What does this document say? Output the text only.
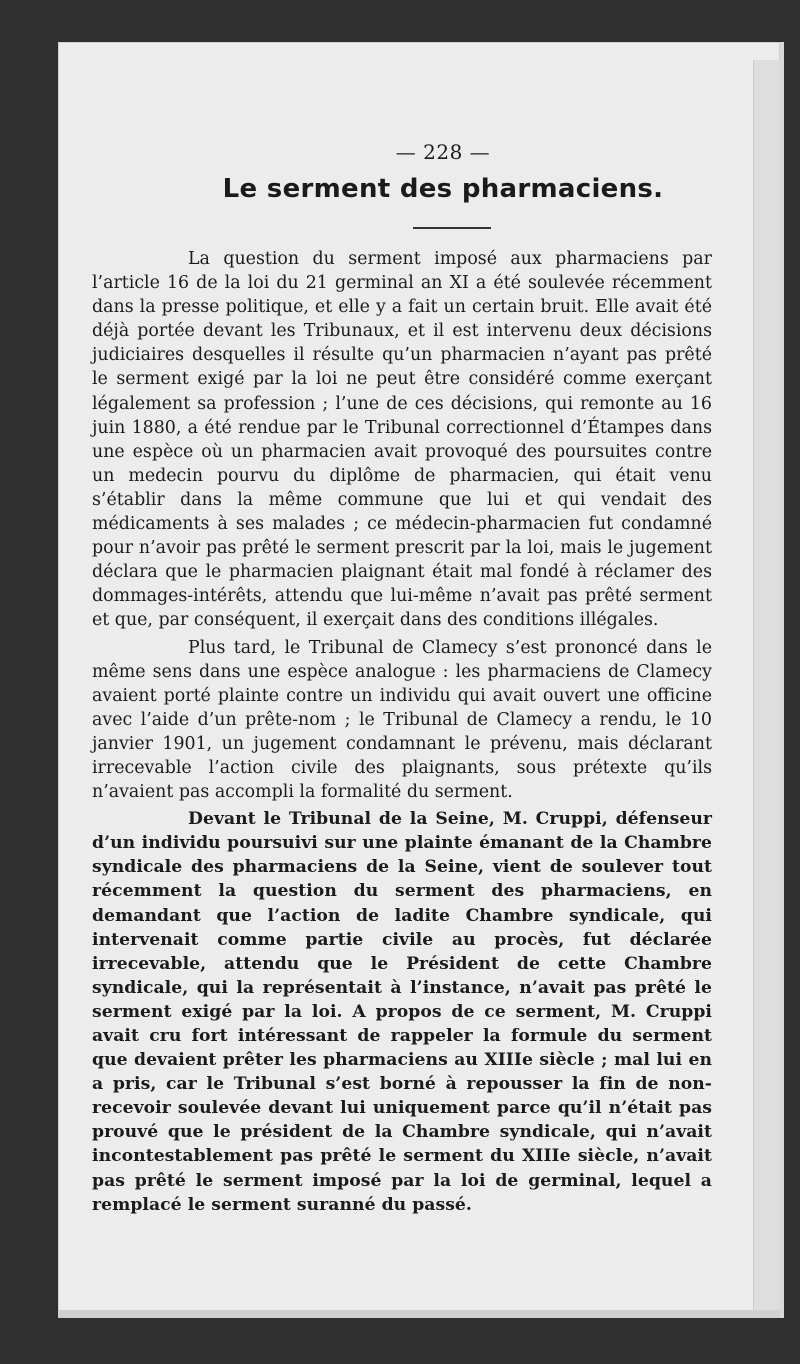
— 228 —
Le serment des pharmaciens.

La question du serment imposé aux pharmaciens par l’article 16 de la loi du 21 germinal an XI a été soulevée récemment dans la presse politique, et elle y a fait un certain bruit. Elle avait été déjà portée devant les Tribunaux, et il est intervenu deux décisions judiciaires desquelles il résulte qu’un pharmacien n’ayant pas prêté le serment exigé par la loi ne peut être considéré comme exerçant légalement sa profession ; l’une de ces décisions, qui remonte au 16 juin 1880, a été rendue par le Tribunal correctionnel d’Étampes dans une espèce où un pharmacien avait provoqué des poursuites contre un medecin pourvu du diplôme de pharmacien, qui était venu s’établir dans la même commune que lui et qui vendait des médicaments à ses malades ; ce médecin-pharmacien fut condamné pour n’avoir pas prêté le serment prescrit par la loi, mais le jugement déclara que le pharmacien plaignant était mal fondé à réclamer des dommages-intérêts, attendu que lui-même n’avait pas prêté serment et que, par conséquent, il exerçait dans des conditions illégales.

Plus tard, le Tribunal de Clamecy s’est prononcé dans le même sens dans une espèce analogue : les pharmaciens de Clamecy avaient porté plainte contre un individu qui avait ouvert une officine avec l’aide d’un prête-nom ; le Tribunal de Clamecy a rendu, le 10 janvier 1901, un jugement condamnant le prévenu, mais déclarant irrecevable l’action civile des plaignants, sous prétexte qu’ils n’avaient pas accompli la formalité du serment.

Devant le Tribunal de la Seine, M. Cruppi, défenseur d’un individu poursuivi sur une plainte émanant de la Chambre syndicale des pharmaciens de la Seine, vient de soulever tout récemment la question du serment des pharmaciens, en demandant que l’action de ladite Chambre syndicale, qui intervenait comme partie civile au procès, fut déclarée irrecevable, attendu que le Président de cette Chambre syndicale, qui la représentait à l’instance, n’avait pas prêté le serment exigé par la loi. A propos de ce serment, M. Cruppi avait cru fort intéressant de rappeler la formule du serment que devaient prêter les pharmaciens au XIIIe siècle ; mal lui en a pris, car le Tribunal s’est borné à repousser la fin de non-recevoir soulevée devant lui uniquement parce qu’il n’était pas prouvé que le président de la Chambre syndicale, qui n’avait incontestablement pas prêté le serment du XIIIe siècle, n’avait pas prêté le serment imposé par la loi de germinal, lequel a remplacé le serment suranné du passé.
